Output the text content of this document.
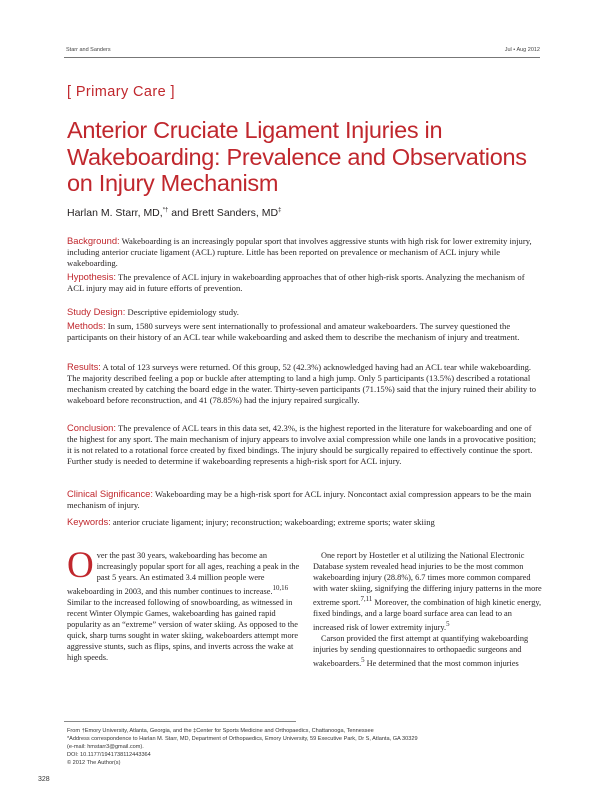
Starr and Sanders	Jul • Aug 2012
[ Primary Care ]
Anterior Cruciate Ligament Injuries in Wakeboarding: Prevalence and Observations on Injury Mechanism
Harlan M. Starr, MD,*† and Brett Sanders, MD‡

Background: Wakeboarding is an increasingly popular sport that involves aggressive stunts with high risk for lower extremity injury, including anterior cruciate ligament (ACL) rupture. Little has been reported on prevalence or mechanism of ACL injury while wakeboarding.

Hypothesis: The prevalence of ACL injury in wakeboarding approaches that of other high-risk sports. Analyzing the mechanism of ACL injury may aid in future efforts of prevention.

Study Design: Descriptive epidemiology study.

Methods: In sum, 1580 surveys were sent internationally to professional and amateur wakeboarders. The survey questioned the participants on their history of an ACL tear while wakeboarding and asked them to describe the mechanism of injury and treatment.

Results: A total of 123 surveys were returned. Of this group, 52 (42.3%) acknowledged having had an ACL tear while wakeboarding. The majority described feeling a pop or buckle after attempting to land a high jump. Only 5 participants (13.5%) described a rotational mechanism created by catching the board edge in the water. Thirty-seven participants (71.15%) said that the injury ruined their ability to wakeboard before reconstruction, and 41 (78.85%) had the injury repaired surgically.

Conclusion: The prevalence of ACL tears in this data set, 42.3%, is the highest reported in the literature for wakeboarding and one of the highest for any sport. The main mechanism of injury appears to involve axial compression while one lands in a provocative position; it is not related to a rotational force created by fixed bindings. The injury should be surgically repaired to effectively continue the sport. Further study is needed to determine if wakeboarding represents a high-risk sport for ACL injury.

Clinical Significance: Wakeboarding may be a high-risk sport for ACL injury. Noncontact axial compression appears to be the main mechanism of injury.

Keywords: anterior cruciate ligament; injury; reconstruction; wakeboarding; extreme sports; water skiing

Over the past 30 years, wakeboarding has become an increasingly popular sport for all ages, reaching a peak in the past 5 years. An estimated 3.4 million people were wakeboarding in 2003, and this number continues to increase.$^{10,16}$ Similar to the increased following of snowboarding, as witnessed in recent Winter Olympic Games, wakeboarding has gained rapid popularity as an “extreme” version of water skiing. As opposed to the quick, sharp turns sought in water skiing, wakeboarders attempt more aggressive stunts, such as flips, spins, and inverts across the wake at high speeds.

One report by Hostetler et al utilizing the National Electronic Database system revealed head injuries to be the most common wakeboarding injury (28.8%), 6.7 times more common compared with water skiing, signifying the differing injury patterns in the more extreme sport.$^{7,11}$ Moreover, the combination of high kinetic energy, fixed bindings, and a large board surface area can lead to an increased risk of lower extremity injury.$^5$
Carson provided the first attempt at quantifying wakeboarding injuries by sending questionnaires to orthopaedic surgeons and wakeboarders.$^5$ He determined that the most common injuries

From †Emory University, Atlanta, Georgia, and the ‡Center for Sports Medicine and Orthopaedics, Chattanooga, Tennessee
*Address correspondence to Harlan M. Starr, MD, Department of Orthopaedics, Emory University, 59 Executive Park, Dr S, Atlanta, GA 30329
(e-mail: hmstarr3@gmail.com).
DOI: 10.1177/1941738112443364
© 2012 The Author(s)
328
